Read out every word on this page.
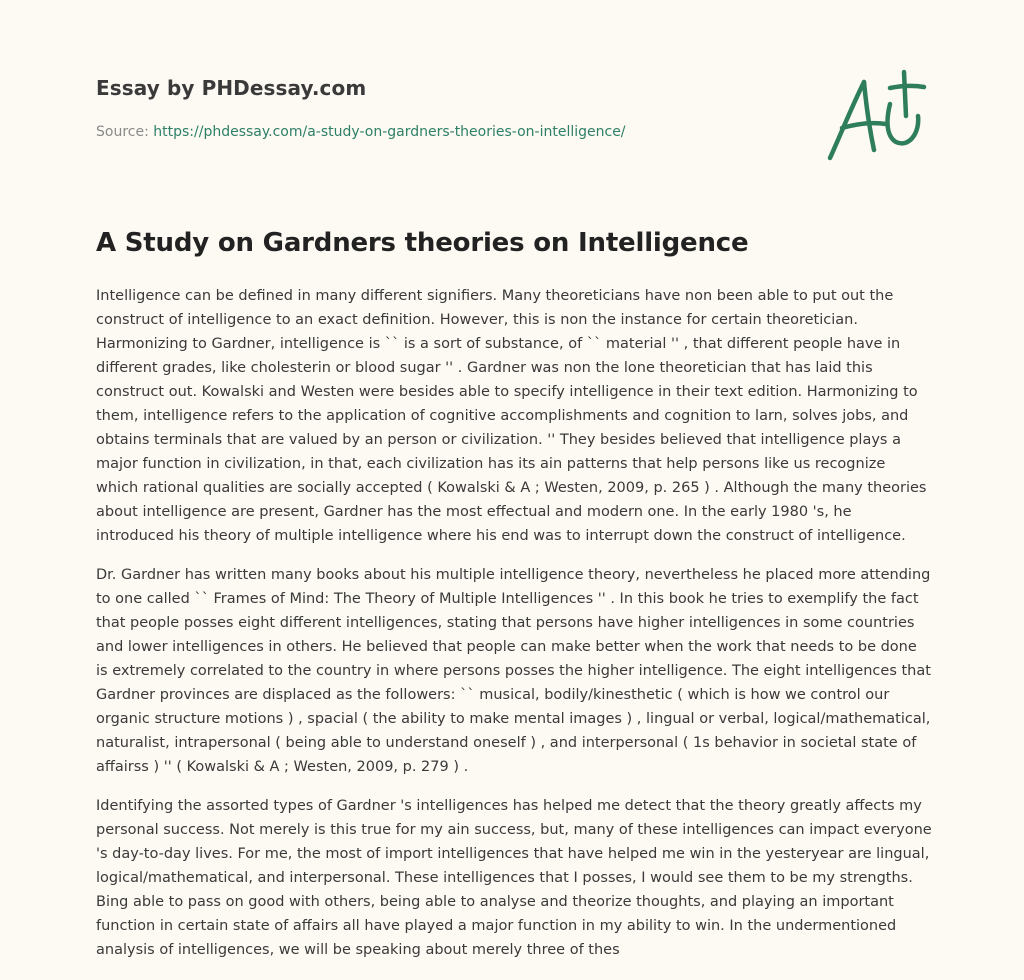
Essay by PHDessay.com
Source: https://phdessay.com/a-study-on-gardners-theories-on-intelligence/
A Study on Gardners theories on Intelligence

Intelligence can be defined in many different signifiers. Many theoreticians have non been able to put out the construct of intelligence to an exact definition. However, this is non the instance for certain theoretician. Harmonizing to Gardner, intelligence is `` is a sort of substance, of `` material '' , that different people have in different grades, like cholesterin or blood sugar '' . Gardner was non the lone theoretician that has laid this construct out. Kowalski and Westen were besides able to specify intelligence in their text edition. Harmonizing to them, intelligence refers to the application of cognitive accomplishments and cognition to larn, solves jobs, and obtains terminals that are valued by an person or civilization. '' They besides believed that intelligence plays a major function in civilization, in that, each civilization has its ain patterns that help persons like us recognize which rational qualities are socially accepted ( Kowalski & A ; Westen, 2009, p. 265 ) . Although the many theories about intelligence are present, Gardner has the most effectual and modern one. In the early 1980 's, he introduced his theory of multiple intelligence where his end was to interrupt down the construct of intelligence.

Dr. Gardner has written many books about his multiple intelligence theory, nevertheless he placed more attending to one called `` Frames of Mind: The Theory of Multiple Intelligences '' . In this book he tries to exemplify the fact that people posses eight different intelligences, stating that persons have higher intelligences in some countries and lower intelligences in others. He believed that people can make better when the work that needs to be done is extremely correlated to the country in where persons posses the higher intelligence. The eight intelligences that Gardner provinces are displaced as the followers: `` musical, bodily/kinesthetic ( which is how we control our organic structure motions ) , spacial ( the ability to make mental images ) , lingual or verbal, logical/mathematical, naturalist, intrapersonal ( being able to understand oneself ) , and interpersonal ( 1s behavior in societal state of affairss ) '' ( Kowalski & A ; Westen, 2009, p. 279 ) .

Identifying the assorted types of Gardner 's intelligences has helped me detect that the theory greatly affects my personal success. Not merely is this true for my ain success, but, many of these intelligences can impact everyone 's day-to-day lives. For me, the most of import intelligences that have helped me win in the yesteryear are lingual, logical/mathematical, and interpersonal. These intelligences that I posses, I would see them to be my strengths. Bing able to pass on good with others, being able to analyse and theorize thoughts, and playing an important function in certain state of affairs all have played a major function in my ability to win. In the undermentioned analysis of intelligences, we will be speaking about merely three of thes
